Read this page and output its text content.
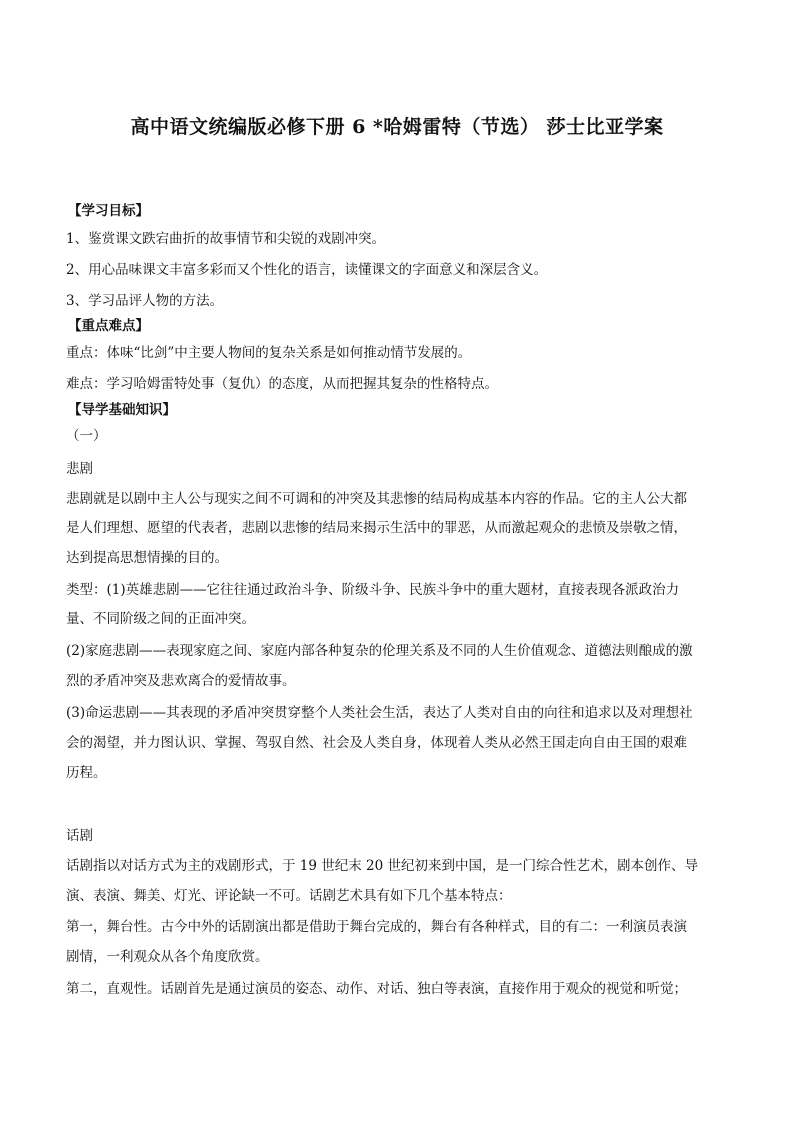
高中语文统编版必修下册 6 *哈姆雷特（节选） 莎士比亚学案
【学习目标】
1、鉴赏课文跌宕曲折的故事情节和尖锐的戏剧冲突。
2、用心品味课文丰富多彩而又个性化的语言，读懂课文的字面意义和深层含义。
3、学习品评人物的方法。
【重点难点】
重点：体味“比剑”中主要人物间的复杂关系是如何推动情节发展的。
难点：学习哈姆雷特处事（复仇）的态度，从而把握其复杂的性格特点。
【导学基础知识】
（一）
悲剧
悲剧就是以剧中主人公与现实之间不可调和的冲突及其悲惨的结局构成基本内容的作品。它的主人公大都
是人们理想、愿望的代表者，悲剧以悲惨的结局来揭示生活中的罪恶，从而激起观众的悲愤及崇敬之情，
达到提高思想情操的目的。
类型：(1)英雄悲剧——它往往通过政治斗争、阶级斗争、民族斗争中的重大题材，直接表现各派政治力
量、不同阶级之间的正面冲突。
(2)家庭悲剧——表现家庭之间、家庭内部各种复杂的伦理关系及不同的人生价值观念、道德法则酿成的激
烈的矛盾冲突及悲欢离合的爱情故事。
(3)命运悲剧——其表现的矛盾冲突贯穿整个人类社会生活，表达了人类对自由的向往和追求以及对理想社
会的渴望，并力图认识、掌握、驾驭自然、社会及人类自身，体现着人类从必然王国走向自由王国的艰难
历程。
话剧
话剧指以对话方式为主的戏剧形式，于 19 世纪末 20 世纪初来到中国，是一门综合性艺术，剧本创作、导
演、表演、舞美、灯光、评论缺一不可。话剧艺术具有如下几个基本特点：
第一，舞台性。古今中外的话剧演出都是借助于舞台完成的，舞台有各种样式，目的有二：一利演员表演
剧情，一利观众从各个角度欣赏。
第二，直观性。话剧首先是通过演员的姿态、动作、对话、独白等表演，直接作用于观众的视觉和听觉；
